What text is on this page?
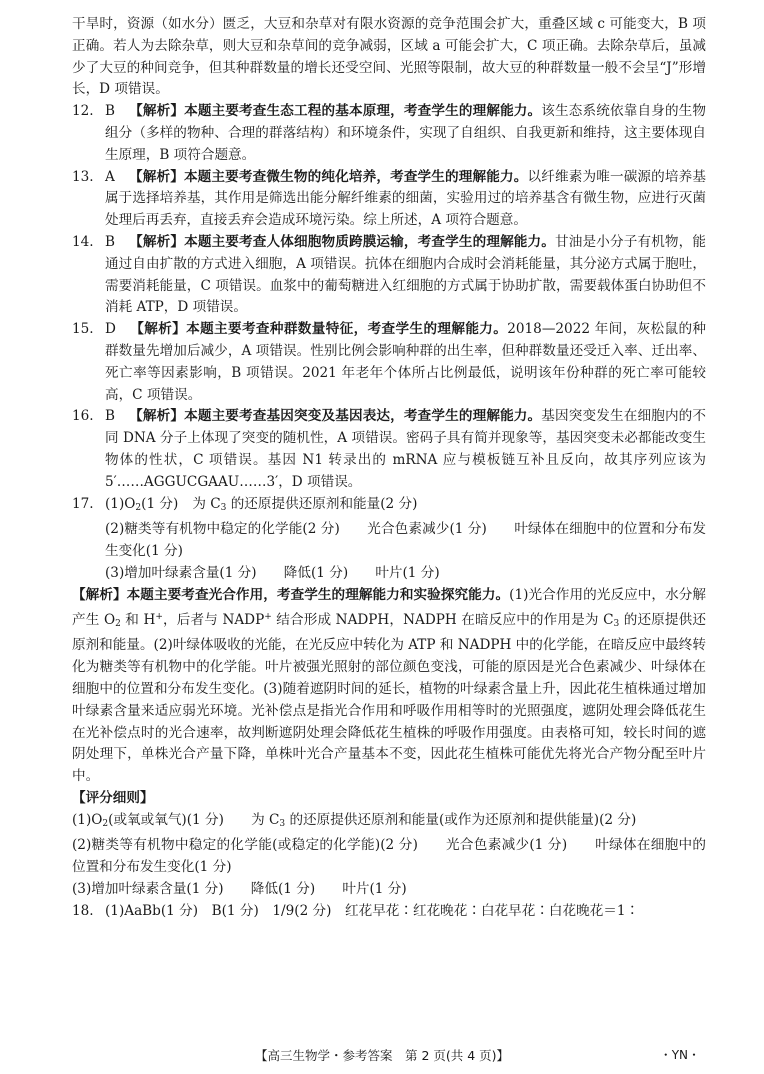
干旱时，资源（如水分）匮乏，大豆和杂草对有限水资源的竞争范围会扩大，重叠区域 c 可能变大，B 项正确。若人为去除杂草，则大豆和杂草间的竞争减弱，区域 a 可能会扩大，C 项正确。去除杂草后，虽减少了大豆的种间竞争，但其种群数量的增长还受空间、光照等限制，故大豆的种群数量一般不会呈“J”形增长，D 项错误。

12. B 【解析】本题主要考查生态工程的基本原理，考查学生的理解能力。该生态系统依靠自身的生物组分（多样的物种、合理的群落结构）和环境条件，实现了自组织、自我更新和维持，这主要体现自生原理，B 项符合题意。

13. A 【解析】本题主要考查微生物的纯化培养，考查学生的理解能力。以纤维素为唯一碳源的培养基属于选择培养基，其作用是筛选出能分解纤维素的细菌，实验用过的培养基含有微生物，应进行灭菌处理后再丢弃，直接丢弃会造成环境污染。综上所述，A 项符合题意。

14. B 【解析】本题主要考查人体细胞物质跨膜运输，考查学生的理解能力。甘油是小分子有机物，能通过自由扩散的方式进入细胞，A 项错误。抗体在细胞内合成时会消耗能量，其分泌方式属于胞吐，需要消耗能量，C 项错误。血浆中的葡萄糖进入红细胞的方式属于协助扩散，需要载体蛋白协助但不消耗 ATP，D 项错误。

15. D 【解析】本题主要考查种群数量特征，考查学生的理解能力。2018—2022 年间，灰松鼠的种群数量先增加后减少，A 项错误。性别比例会影响种群的出生率，但种群数量还受迁入率、迁出率、死亡率等因素影响，B 项错误。2021 年老年个体所占比例最低，说明该年份种群的死亡率可能较高，C 项错误。

16. B 【解析】本题主要考查基因突变及基因表达，考查学生的理解能力。基因突变发生在细胞内的不同 DNA 分子上体现了突变的随机性，A 项错误。密码子具有简并现象等，基因突变未必都能改变生物体的性状，C 项错误。基因 N1 转录出的 mRNA 应与模板链互补且反向，故其序列应该为 5′……AGGUCGAAU……3′，D 项错误。

17. $(1)O_2(1$ 分) 为 $C_3$ 的还原提供还原剂和能量(2 分)

(2)糖类等有机物中稳定的化学能(2 分)　　光合色素减少(1 分)　　叶绿体在细胞中的位置和分布发生变化(1 分)

(3)增加叶绿素含量(1 分)　　降低(1 分)　　叶片(1 分)

【解析】本题主要考查光合作用，考查学生的理解能力和实验探究能力。(1)光合作用的光反应中，水分解产生 $O_2$ 和 H+，后者与 NADP+ 结合形成 NADPH，NADPH 在暗反应中的作用是为 $C_3$ 的还原提供还原剂和能量。(2)叶绿体吸收的光能，在光反应中转化为 ATP 和 NADPH 中的化学能，在暗反应中最终转化为糖类等有机物中的化学能。叶片被强光照射的部位颜色变浅，可能的原因是光合色素减少、叶绿体在细胞中的位置和分布发生变化。(3)随着遮阴时间的延长，植物的叶绿素含量上升，因此花生植株通过增加叶绿素含量来适应弱光环境。光补偿点是指光合作用和呼吸作用相等时的光照强度，遮阴处理会降低花生在光补偿点时的光合速率，故判断遮阴处理会降低花生植株的呼吸作用强度。由表格可知，较长时间的遮阴处理下，单株光合产量下降，单株叶光合产量基本不变，因此花生植株可能优先将光合产物分配至叶片中。

【评分细则】

$(1)O_2$(或氧或氧气)(1 分)　　为 $C_3$ 的还原提供还原剂和能量(或作为还原剂和提供能量)(2 分)

(2)糖类等有机物中稳定的化学能(或稳定的化学能)(2 分)　　光合色素减少(1 分)　　叶绿体在细胞中的位置和分布发生变化(1 分)

(3)增加叶绿素含量(1 分)　　降低(1 分)　　叶片(1 分)

18. (1)AaBb(1 分)　B(1 分)　1/9(2 分)　红花早花∶红花晚花∶白花早花∶白花晚花＝1∶

【高三生物学・参考答案　第 2 页(共 4 页)】	・YN・
